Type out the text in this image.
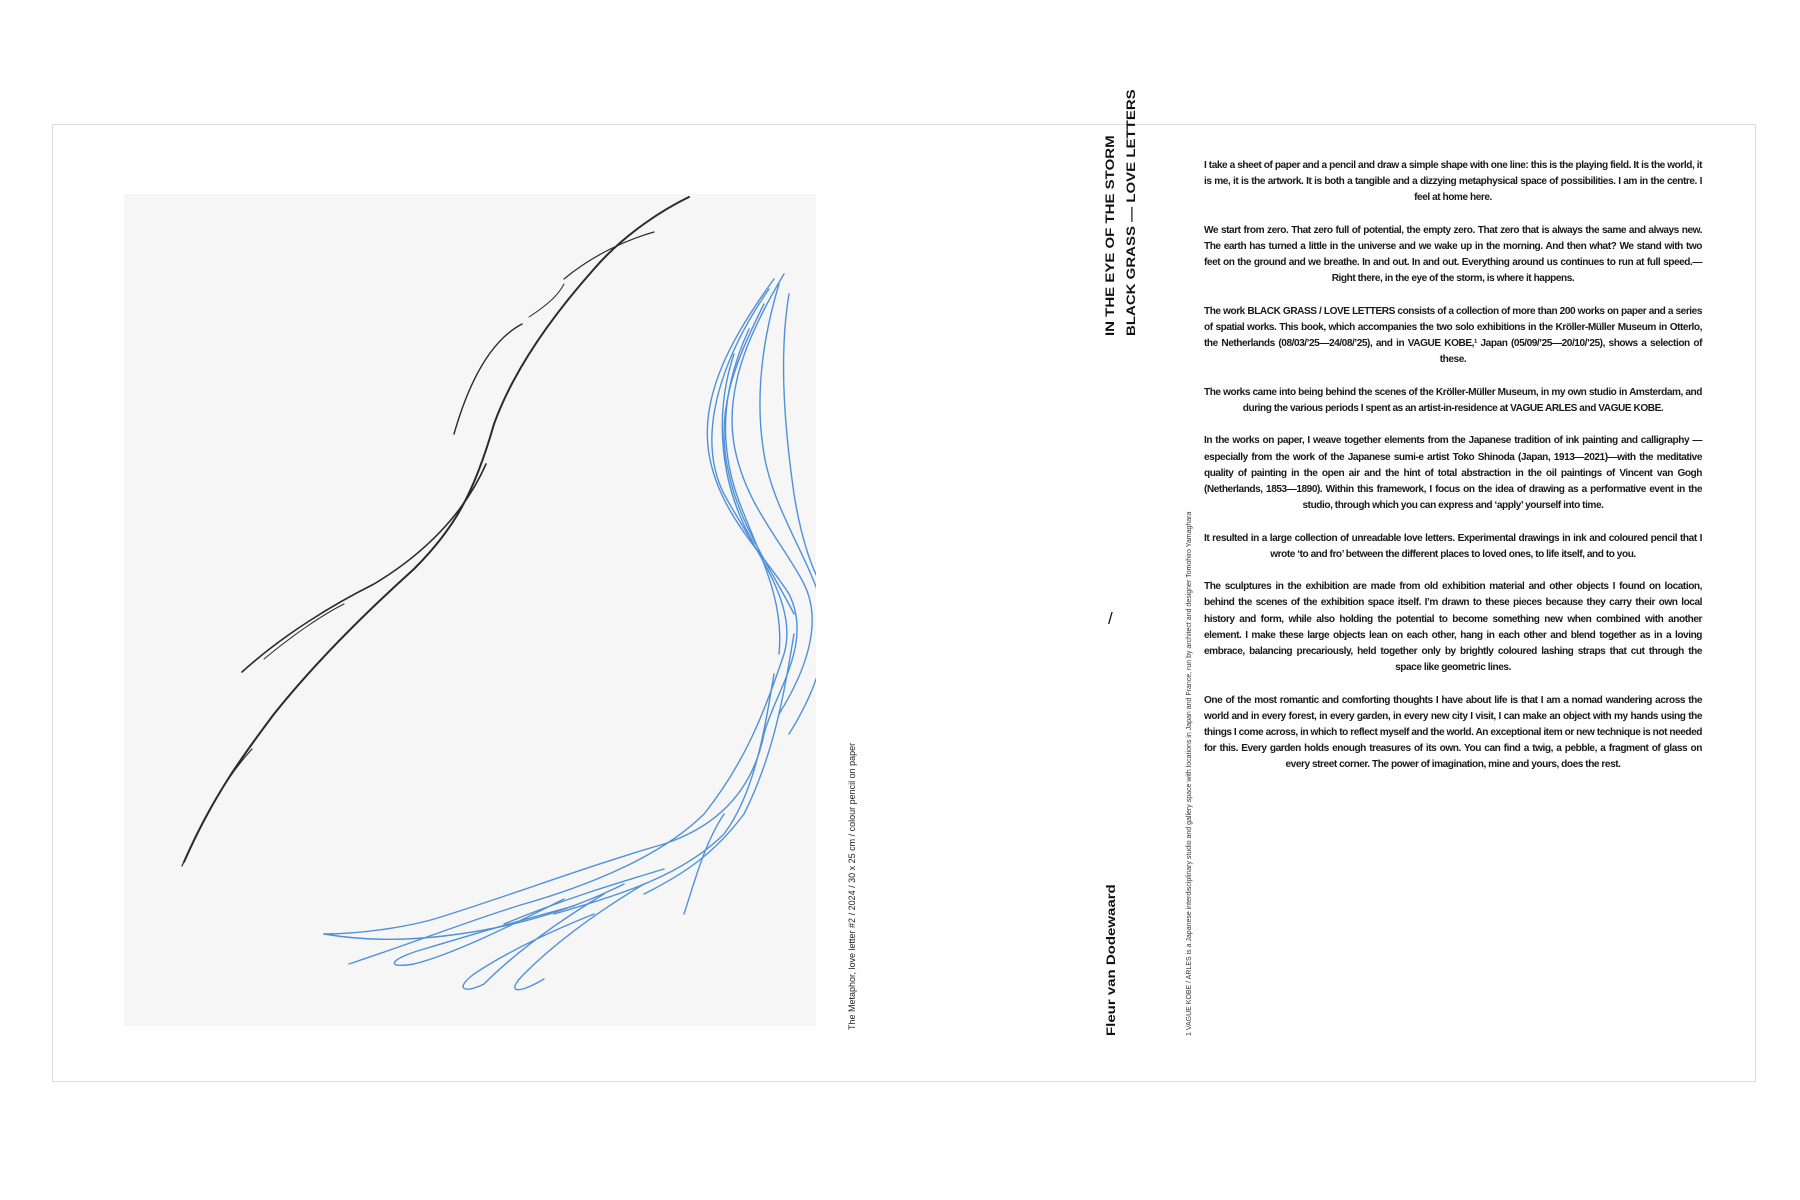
The Metaphor, love letter #2 / 2024 / 30 x 25 cm / colour pencil on paper
IN THE EYE OF THE STORM BLACK GRASS — LOVE LETTERS
/
Fleur van Dodewaard	1 VAGUE KOBE / ARLES is a Japanese interdisciplinary studio and gallery space with locations in Japan and France, run by architect and designer Tomohiro Yamaghara

I take a sheet of paper and a pencil and draw a simple shape with one line: this is the playing field. It is the world, it is me, it is the artwork. It is both a tangible and a dizzying metaphysical space of possibilities. I am in the centre. I feel at home here.

We start from zero. That zero full of potential, the empty zero. That zero that is always the same and always new. The earth has turned a little in the universe and we wake up in the morning. And then what? We stand with two feet on the ground and we breathe. In and out. In and out. Everything around us continues to run at full speed.—Right there, in the eye of the storm, is where it happens.

The work BLACK GRASS / LOVE LETTERS consists of a collection of more than 200 works on paper and a series of spatial works. This book, which accompanies the two solo exhibitions in the Kröller-Müller Museum in Otterlo, the Netherlands (08/03/’25—24/08/’25), and in VAGUE KOBE,¹ Japan (05/09/’25—20/10/’25), shows a selection of these.

The works came into being behind the scenes of the Kröller-Müller Museum, in my own studio in Amsterdam, and during the various periods I spent as an artist-in-residence at VAGUE ARLES and VAGUE KOBE.

In the works on paper, I weave together elements from the Japanese tradition of ink painting and calligraphy —especially from the work of the Japanese sumi-e artist Toko Shinoda (Japan, 1913—2021)—with the meditative quality of painting in the open air and the hint of total abstraction in the oil paintings of Vincent van Gogh (Netherlands, 1853—1890). Within this framework, I focus on the idea of drawing as a performative event in the studio, through which you can express and ‘apply’ yourself into time.

It resulted in a large collection of unreadable love letters. Experimental drawings in ink and coloured pencil that I wrote ‘to and fro’ between the different places to loved ones, to life itself, and to you.

The sculptures in the exhibition are made from old exhibition material and other objects I found on location, behind the scenes of the exhibition space itself. I’m drawn to these pieces because they carry their own local history and form, while also holding the potential to become something new when combined with another element. I make these large objects lean on each other, hang in each other and blend together as in a loving embrace, balancing precariously, held together only by brightly coloured lashing straps that cut through the space like geometric lines.

One of the most romantic and comforting thoughts I have about life is that I am a nomad wandering across the world and in every forest, in every garden, in every new city I visit, I can make an object with my hands using the things I come across, in which to reflect myself and the world. An exceptional item or new technique is not needed for this. Every garden holds enough treasures of its own. You can find a twig, a pebble, a fragment of glass on every street corner. The power of imagination, mine and yours, does the rest.
